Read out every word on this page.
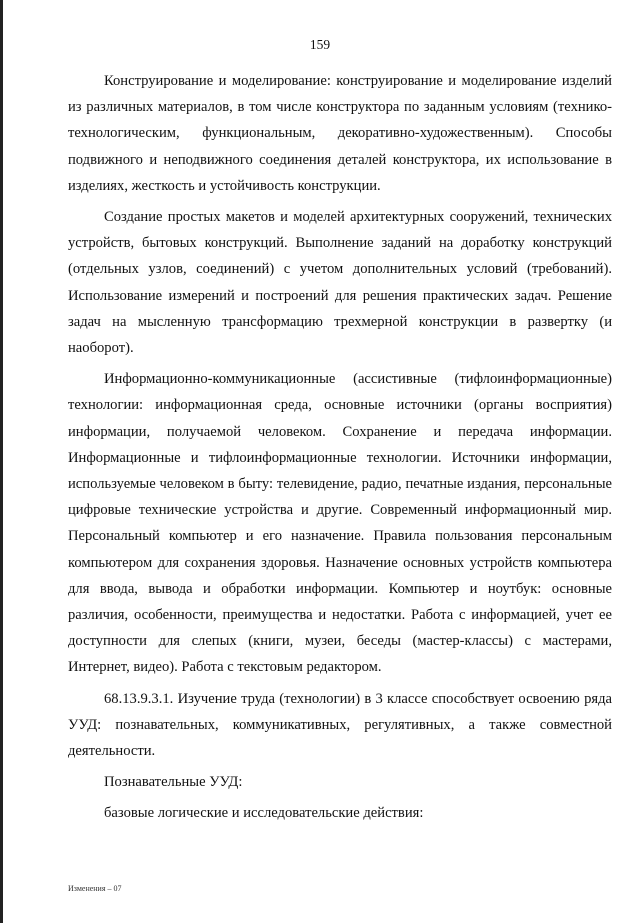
159

Конструирование и моделирование: конструирование и моделирование изделий из различных материалов, в том числе конструктора по заданным условиям (технико-технологическим, функциональным, декоративно-художественным). Способы подвижного и неподвижного соединения деталей конструктора, их использование в изделиях, жесткость и устойчивость конструкции.

Создание простых макетов и моделей архитектурных сооружений, технических устройств, бытовых конструкций. Выполнение заданий на доработку конструкций (отдельных узлов, соединений) с учетом дополнительных условий (требований). Использование измерений и построений для решения практических задач. Решение задач на мысленную трансформацию трехмерной конструкции в развертку (и наоборот).

Информационно-коммуникационные (ассистивные (тифлоинформационные) технологии: информационная среда, основные источники (органы восприятия) информации, получаемой человеком. Сохранение и передача информации. Информационные и тифлоинформационные технологии. Источники информации, используемые человеком в быту: телевидение, радио, печатные издания, персональные цифровые технические устройства и другие. Современный информационный мир. Персональный компьютер и его назначение. Правила пользования персональным компьютером для сохранения здоровья. Назначение основных устройств компьютера для ввода, вывода и обработки информации. Компьютер и ноутбук: основные различия, особенности, преимущества и недостатки. Работа с информацией, учет ее доступности для слепых (книги, музеи, беседы (мастер-классы) с мастерами, Интернет, видео). Работа с текстовым редактором.

68.13.9.3.1. Изучение труда (технологии) в 3 классе способствует освоению ряда УУД: познавательных, коммуникативных, регулятивных, а также совместной деятельности.

Познавательные УУД:

базовые логические и исследовательские действия:

Изменения – 07
